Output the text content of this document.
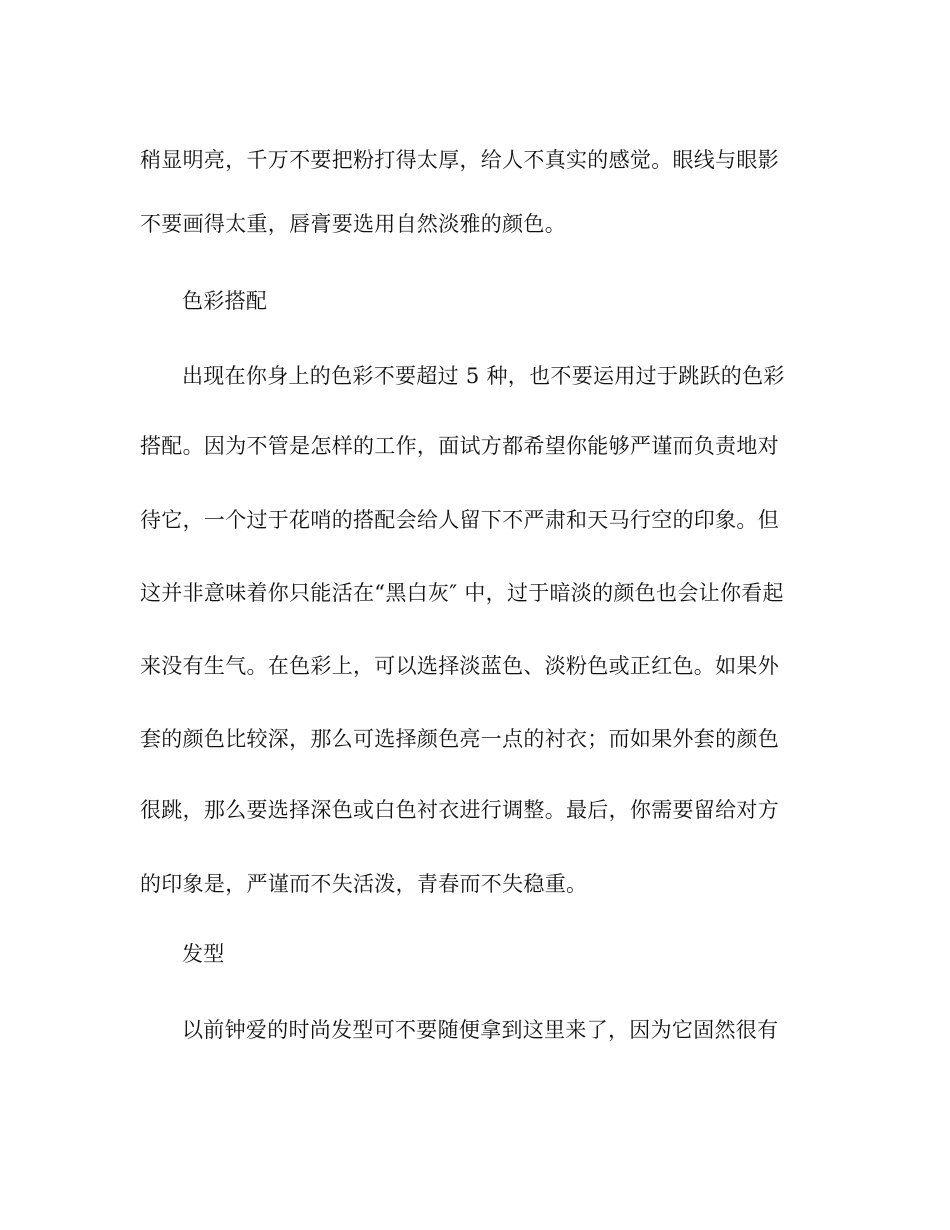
稍显明亮，千万不要把粉打得太厚，给人不真实的感觉。眼线与眼影
不要画得太重，唇膏要选用自然淡雅的颜色。
色彩搭配
出现在你身上的色彩不要超过 5 种，也不要运用过于跳跃的色彩
搭配。因为不管是怎样的工作，面试方都希望你能够严谨而负责地对
待它，一个过于花哨的搭配会给人留下不严肃和天马行空的印象。但
这并非意味着你只能活在“黑白灰″ 中，过于暗淡的颜色也会让你看起
来没有生气。在色彩上，可以选择淡蓝色、淡粉色或正红色。如果外
套的颜色比较深，那么可选择颜色亮一点的衬衣；而如果外套的颜色
很跳，那么要选择深色或白色衬衣进行调整。最后，你需要留给对方
的印象是，严谨而不失活泼，青春而不失稳重。
发型
以前钟爱的时尚发型可不要随便拿到这里来了，因为它固然很有
